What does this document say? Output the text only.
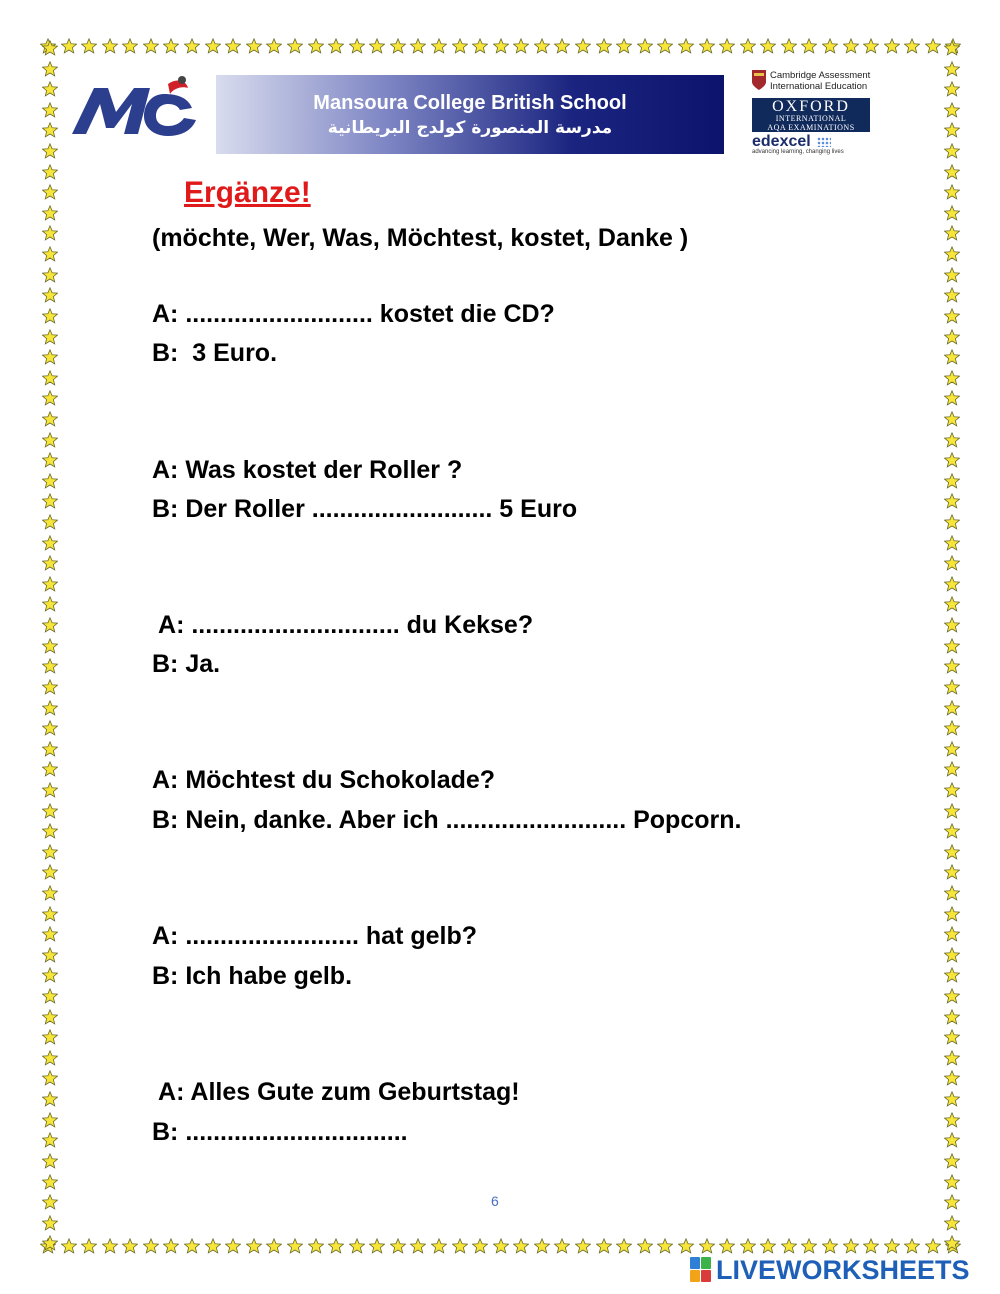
Mansoura College British School
مدرسة المنصورة كولدج البريطانية
Cambridge Assessment
International Education
OXFORD
INTERNATIONAL
AQA EXAMINATIONS
edexcel
advancing learning, changing lives
Ergänze!
(möchte, Wer, Was, Möchtest, kostet, Danke )
A: ........................... kostet die CD?
B:  3 Euro.
A: Was kostet der Roller ?
B: Der Roller .......................... 5 Euro
A: .............................. du Kekse?
B: Ja.
A: Möchtest du Schokolade?
B: Nein, danke. Aber ich .......................... Popcorn.
A: ......................... hat gelb?
B: Ich habe gelb.
A: Alles Gute zum Geburtstag!
B: ................................
6
LIVEWORKSHEETS
